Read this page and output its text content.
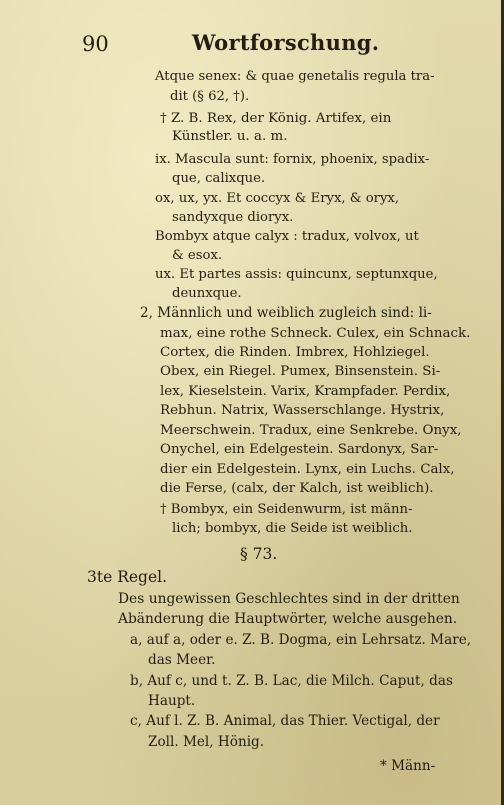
90	Wortforschung.
Atque senex: & quae genetalis regula tra-
dit (§ 62, †).
† Z. B. Rex, der König. Artifex, ein
Künstler. u. a. m.
ix. Mascula sunt: fornix, phoenix, spadix-
que, calixque.
ox, ux, yx. Et coccyx & Eryx, & oryx,
sandyxque dioryx.
Bombyx atque calyx : tradux, volvox, ut
& esox.
ux. Et partes assis: quincunx, septunxque,
deunxque.
2, Männlich und weiblich zugleich sind: li-
max, eine rothe Schneck. Culex, ein Schnack.
Cortex, die Rinden. Imbrex, Hohlziegel.
Obex, ein Riegel. Pumex, Binsenstein. Si-
lex, Kieselstein. Varix, Krampfader. Perdix,
Rebhun. Natrix, Wasserschlange. Hystrix,
Meerschwein. Tradux, eine Senkrebe. Onyx,
Onychel, ein Edelgestein. Sardonyx, Sar-
dier ein Edelgestein. Lynx, ein Luchs. Calx,
die Ferse, (calx, der Kalch, ist weiblich).
† Bombyx, ein Seidenwurm, ist männ-
lich; bombyx, die Seide ist weiblich.
§ 73.
3te Regel.
Des ungewissen Geschlechtes sind in der dritten
Abänderung die Hauptwörter, welche ausgehen.
a, auf a, oder e. Z. B. Dogma, ein Lehrsatz. Mare,
das Meer.
b, Auf c, und t. Z. B. Lac, die Milch. Caput, das
Haupt.
c, Auf l. Z. B. Animal, das Thier. Vectigal, der
Zoll. Mel, Hönig.
* Männ-
